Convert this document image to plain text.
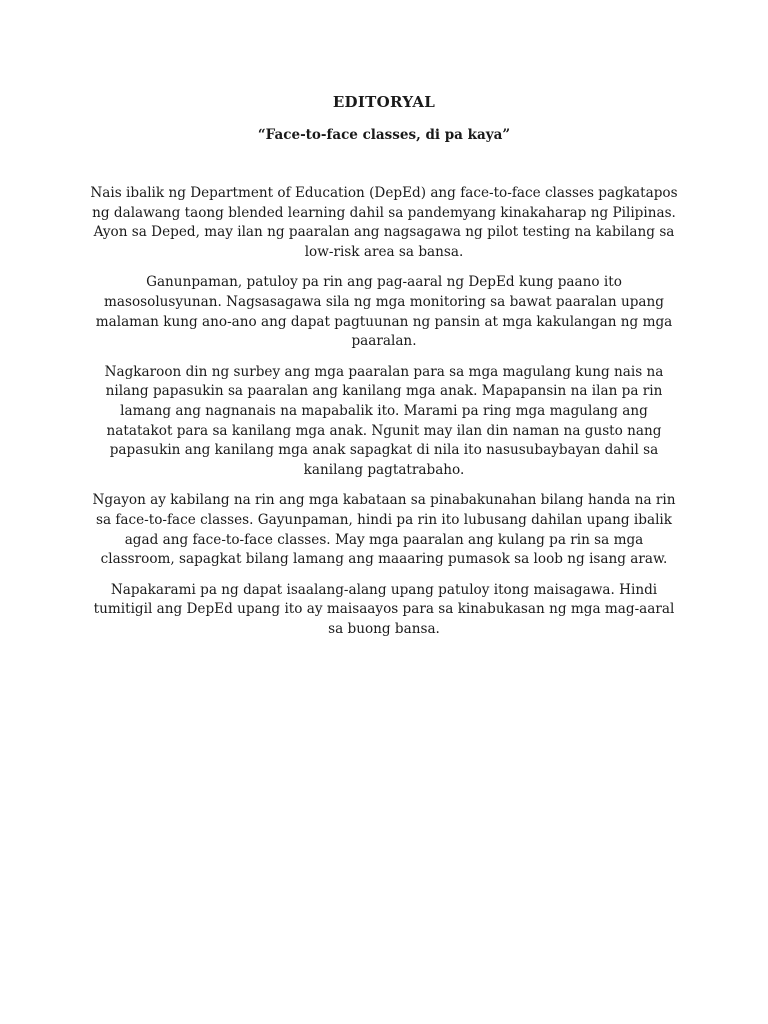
EDITORYAL
“Face-to-face classes, di pa kaya”

Nais ibalik ng Department of Education (DepEd) ang face-to-face classes pagkatapos ng dalawang taong blended learning dahil sa pandemyang kinakaharap ng Pilipinas. Ayon sa Deped, may ilan ng paaralan ang nagsagawa ng pilot testing na kabilang sa low-risk area sa bansa.

Ganunpaman, patuloy pa rin ang pag-aaral ng DepEd kung paano ito masosolusyunan. Nagsasagawa sila ng mga monitoring sa bawat paaralan upang malaman kung ano-ano ang dapat pagtuunan ng pansin at mga kakulangan ng mga paaralan.

Nagkaroon din ng surbey ang mga paaralan para sa mga magulang kung nais na nilang papasukin sa paaralan ang kanilang mga anak. Mapapansin na ilan pa rin lamang ang nagnanais na mapabalik ito. Marami pa ring mga magulang ang natatakot para sa kanilang mga anak. Ngunit may ilan din naman na gusto nang papasukin ang kanilang mga anak sapagkat di nila ito nasusubaybayan dahil sa kanilang pagtatrabaho.

Ngayon ay kabilang na rin ang mga kabataan sa pinabakunahan bilang handa na rin sa face-to-face classes. Gayunpaman, hindi pa rin ito lubusang dahilan upang ibalik agad ang face-to-face classes. May mga paaralan ang kulang pa rin sa mga classroom, sapagkat bilang lamang ang maaaring pumasok sa loob ng isang araw.

Napakarami pa ng dapat isaalang-alang upang patuloy itong maisagawa. Hindi tumitigil ang DepEd upang ito ay maisaayos para sa kinabukasan ng mga mag-aaral sa buong bansa.
